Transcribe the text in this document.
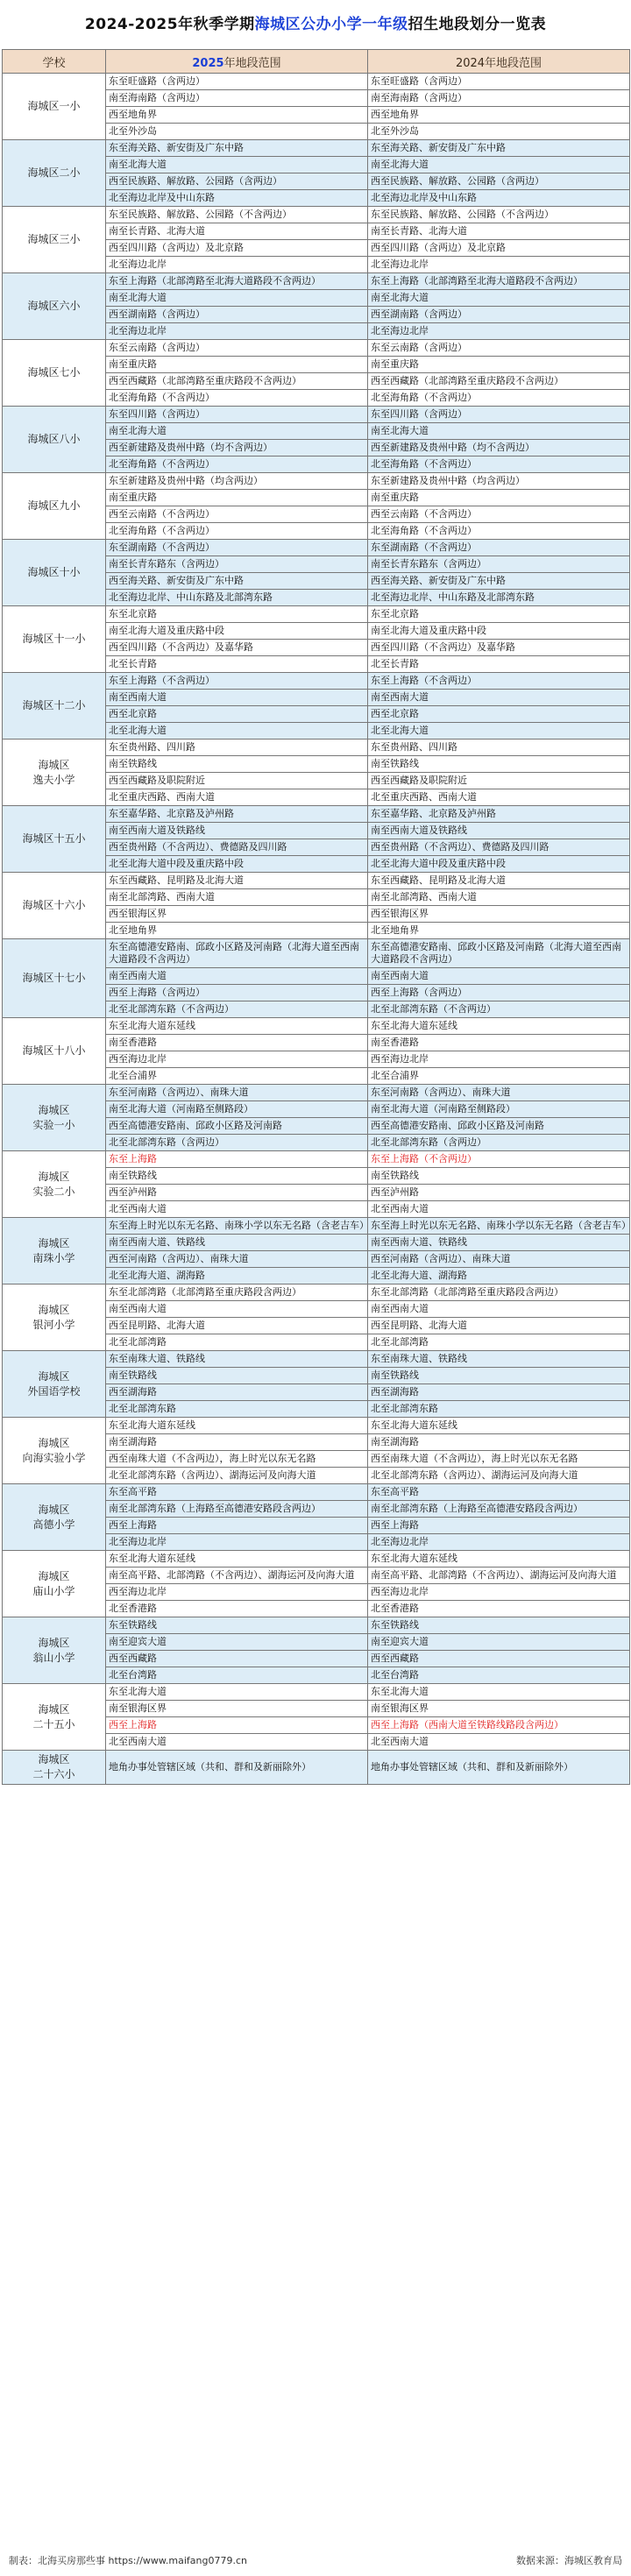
2024-2025年秋季学期海城区公办小学一年级招生地段划分一览表
学校	2025年地段范围	2024年地段范围
海城区一小	东至旺盛路（含两边）	东至旺盛路（含两边）
	南至海南路（含两边）	南至海南路（含两边）
	西至地角界	西至地角界
	北至外沙岛	北至外沙岛
海城区二小	东至海关路、新安街及广东中路	东至海关路、新安街及广东中路
	南至北海大道	南至北海大道
	西至民族路、解放路、公园路（含两边）	西至民族路、解放路、公园路（含两边）
	北至海边北岸及中山东路	北至海边北岸及中山东路
海城区三小	东至民族路、解放路、公园路（不含两边）	东至民族路、解放路、公园路（不含两边）
	南至长青路、北海大道	南至长青路、北海大道
	西至四川路（含两边）及北京路	西至四川路（含两边）及北京路
	北至海边北岸	北至海边北岸
海城区六小	东至上海路（北部湾路至北海大道路段不含两边）	东至上海路（北部湾路至北海大道路段不含两边）
	南至北海大道	南至北海大道
	西至湖南路（含两边）	西至湖南路（含两边）
	北至海边北岸	北至海边北岸
海城区七小	东至云南路（含两边）	东至云南路（含两边）
	南至重庆路	南至重庆路
	西至西藏路（北部湾路至重庆路段不含两边）	西至西藏路（北部湾路至重庆路段不含两边）
	北至海角路（不含两边）	北至海角路（不含两边）
海城区八小	东至四川路（含两边）	东至四川路（含两边）
	南至北海大道	南至北海大道
	西至新建路及贵州中路（均不含两边）	西至新建路及贵州中路（均不含两边）
	北至海角路（不含两边）	北至海角路（不含两边）
海城区九小	东至新建路及贵州中路（均含两边）	东至新建路及贵州中路（均含两边）
	南至重庆路	南至重庆路
	西至云南路（不含两边）	西至云南路（不含两边）
	北至海角路（不含两边）	北至海角路（不含两边）
海城区十小	东至湖南路（不含两边）	东至湖南路（不含两边）
	南至长青东路东（含两边）	南至长青东路东（含两边）
	西至海关路、新安街及广东中路	西至海关路、新安街及广东中路
	北至海边北岸、中山东路及北部湾东路	北至海边北岸、中山东路及北部湾东路
海城区十一小	东至北京路	东至北京路
	南至北海大道及重庆路中段	南至北海大道及重庆路中段
	西至四川路（不含两边）及嘉华路	西至四川路（不含两边）及嘉华路
	北至长青路	北至长青路
海城区十二小	东至上海路（不含两边）	东至上海路（不含两边）
	南至西南大道	南至西南大道
	西至北京路	西至北京路
	北至北海大道	北至北海大道
海城区
逸夫小学	东至贵州路、四川路	东至贵州路、四川路
	南至铁路线	南至铁路线
	西至西藏路及职院附近	西至西藏路及职院附近
	北至重庆西路、西南大道	北至重庆西路、西南大道
海城区十五小	东至嘉华路、北京路及泸州路	东至嘉华路、北京路及泸州路
	南至西南大道及铁路线	南至西南大道及铁路线
	西至贵州路（不含两边）、费德路及四川路	西至贵州路（不含两边）、费德路及四川路
	北至北海大道中段及重庆路中段	北至北海大道中段及重庆路中段
海城区十六小	东至西藏路、昆明路及北海大道	东至西藏路、昆明路及北海大道
	南至北部湾路、西南大道	南至北部湾路、西南大道
	西至银海区界	西至银海区界
	北至地角界	北至地角界
海城区十七小	东至高德港安路南、邱政小区路及河南路（北海大道至西南大道路段不含两边）	东至高德港安路南、邱政小区路及河南路（北海大道至西南大道路段不含两边）
	南至西南大道	南至西南大道
	西至上海路（含两边）	西至上海路（含两边）
	北至北部湾东路（不含两边）	北至北部湾东路（不含两边）
海城区十八小	东至北海大道东延线	东至北海大道东延线
	南至香港路	南至香港路
	西至海边北岸	西至海边北岸
	北至合浦界	北至合浦界
海城区
实验一小	东至河南路（含两边）、南珠大道	东至河南路（含两边）、南珠大道
	南至北海大道（河南路至侧路段）	南至北海大道（河南路至侧路段）
	西至高德港安路南、邱政小区路及河南路	西至高德港安路南、邱政小区路及河南路
	北至北部湾东路（含两边）	北至北部湾东路（含两边）
海城区
实验二小	东至上海路	东至上海路（不含两边）
	南至铁路线	南至铁路线
	西至泸州路	西至泸州路
	北至西南大道	北至西南大道
海城区
南珠小学	东至海上时光以东无名路、南珠小学以东无名路（含老吉车）	东至海上时光以东无名路、南珠小学以东无名路（含老吉车）
	南至西南大道、铁路线	南至西南大道、铁路线
	西至河南路（含两边）、南珠大道	西至河南路（含两边）、南珠大道
	北至北海大道、湖海路	北至北海大道、湖海路
海城区
银河小学	东至北部湾路（北部湾路至重庆路段含两边）	东至北部湾路（北部湾路至重庆路段含两边）
	南至西南大道	南至西南大道
	西至昆明路、北海大道	西至昆明路、北海大道
	北至北部湾路	北至北部湾路
海城区
外国语学校	东至南珠大道、铁路线	东至南珠大道、铁路线
	南至铁路线	南至铁路线
	西至湖海路	西至湖海路
	北至北部湾东路	北至北部湾东路
海城区
向海实验小学	东至北海大道东延线	东至北海大道东延线
	南至湖海路	南至湖海路
	西至南珠大道（不含两边），海上时光以东无名路	西至南珠大道（不含两边），海上时光以东无名路
	北至北部湾东路（含两边）、湖海运河及向海大道	北至北部湾东路（含两边）、湖海运河及向海大道
海城区
高德小学	东至高平路	东至高平路
	南至北部湾东路（上海路至高德港安路段含两边）	南至北部湾东路（上海路至高德港安路段含两边）
	西至上海路	西至上海路
	北至海边北岸	北至海边北岸
海城区
庙山小学	东至北海大道东延线	东至北海大道东延线
	南至高平路、北部湾路（不含两边）、湖海运河及向海大道	南至高平路、北部湾路（不含两边）、湖海运河及向海大道
	西至海边北岸	西至海边北岸
	北至香港路	北至香港路
海城区
翁山小学	东至铁路线	东至铁路线
	南至迎宾大道	南至迎宾大道
	西至西藏路	西至西藏路
	北至台湾路	北至台湾路
海城区
二十五小	东至北海大道	东至北海大道
	南至银海区界	南至银海区界
	西至上海路	西至上海路（西南大道至铁路线路段含两边）
	北至西南大道	北至西南大道
海城区
二十六小	地角办事处管辖区域（共和、群和及新丽除外）	地角办事处管辖区域（共和、群和及新丽除外）
制表：北海买房那些事 https://www.maifang0779.cn	数据来源：海城区教育局
